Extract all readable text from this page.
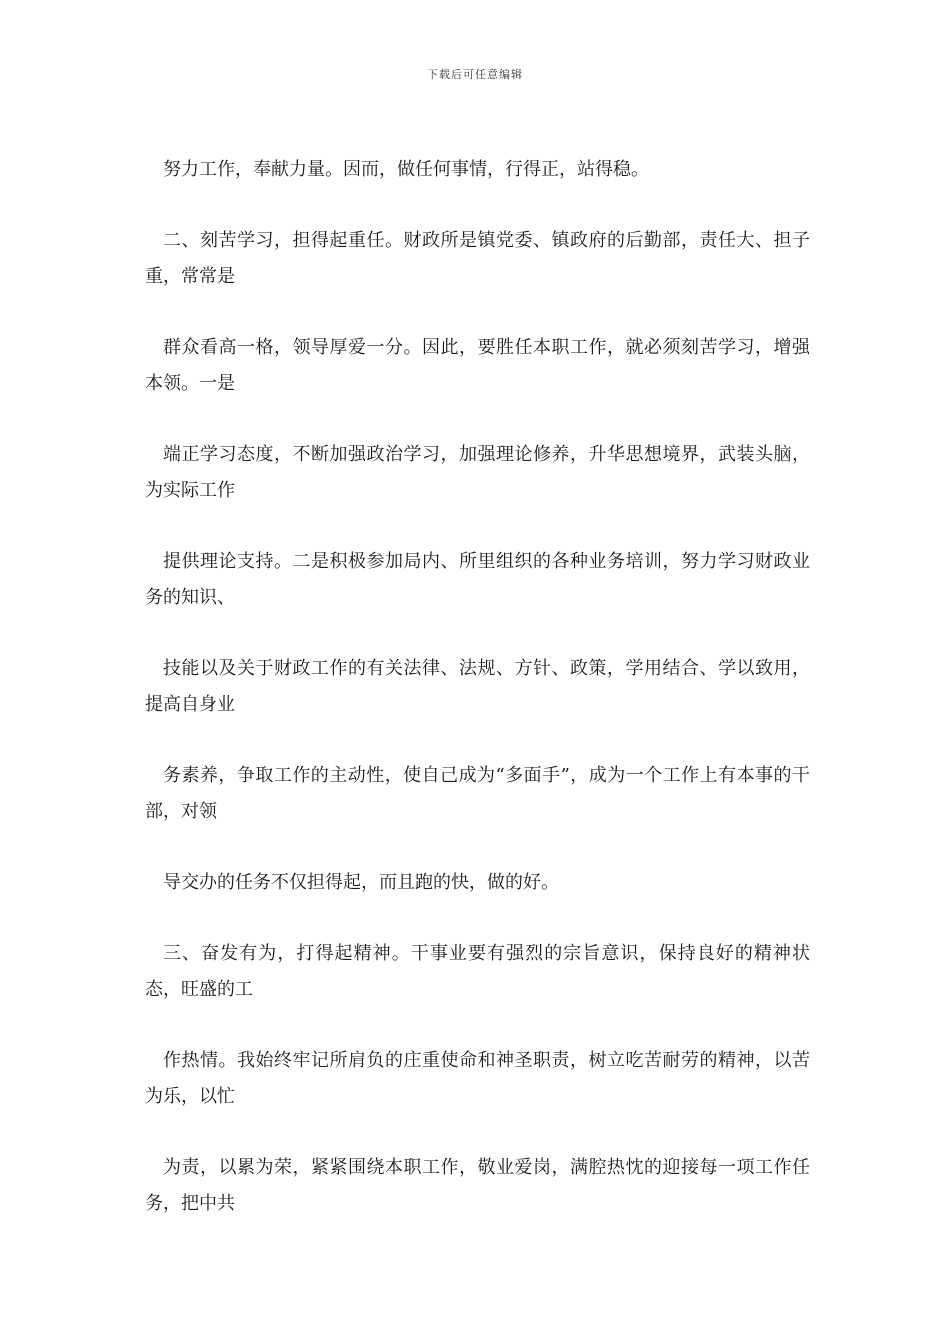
下载后可任意编辑

努力工作，奉献力量。因而，做任何事情，行得正，站得稳。

二、刻苦学习，担得起重任。财政所是镇党委、镇政府的后勤部，责任大、担子重，常常是

群众看高一格，领导厚爱一分。因此，要胜任本职工作，就必须刻苦学习，增强本领。一是

端正学习态度，不断加强政治学习，加强理论修养，升华思想境界，武装头脑，为实际工作

提供理论支持。二是积极参加局内、所里组织的各种业务培训，努力学习财政业务的知识、

技能以及关于财政工作的有关法律、法规、方针、政策，学用结合、学以致用，提高自身业

务素养，争取工作的主动性，使自己成为“多面手”，成为一个工作上有本事的干部，对领

导交办的任务不仅担得起，而且跑的快，做的好。

三、奋发有为，打得起精神。干事业要有强烈的宗旨意识，保持良好的精神状态，旺盛的工

作热情。我始终牢记所肩负的庄重使命和神圣职责，树立吃苦耐劳的精神，以苦为乐，以忙

为责，以累为荣，紧紧围绕本职工作，敬业爱岗，满腔热忱的迎接每一项工作任务，把中共
